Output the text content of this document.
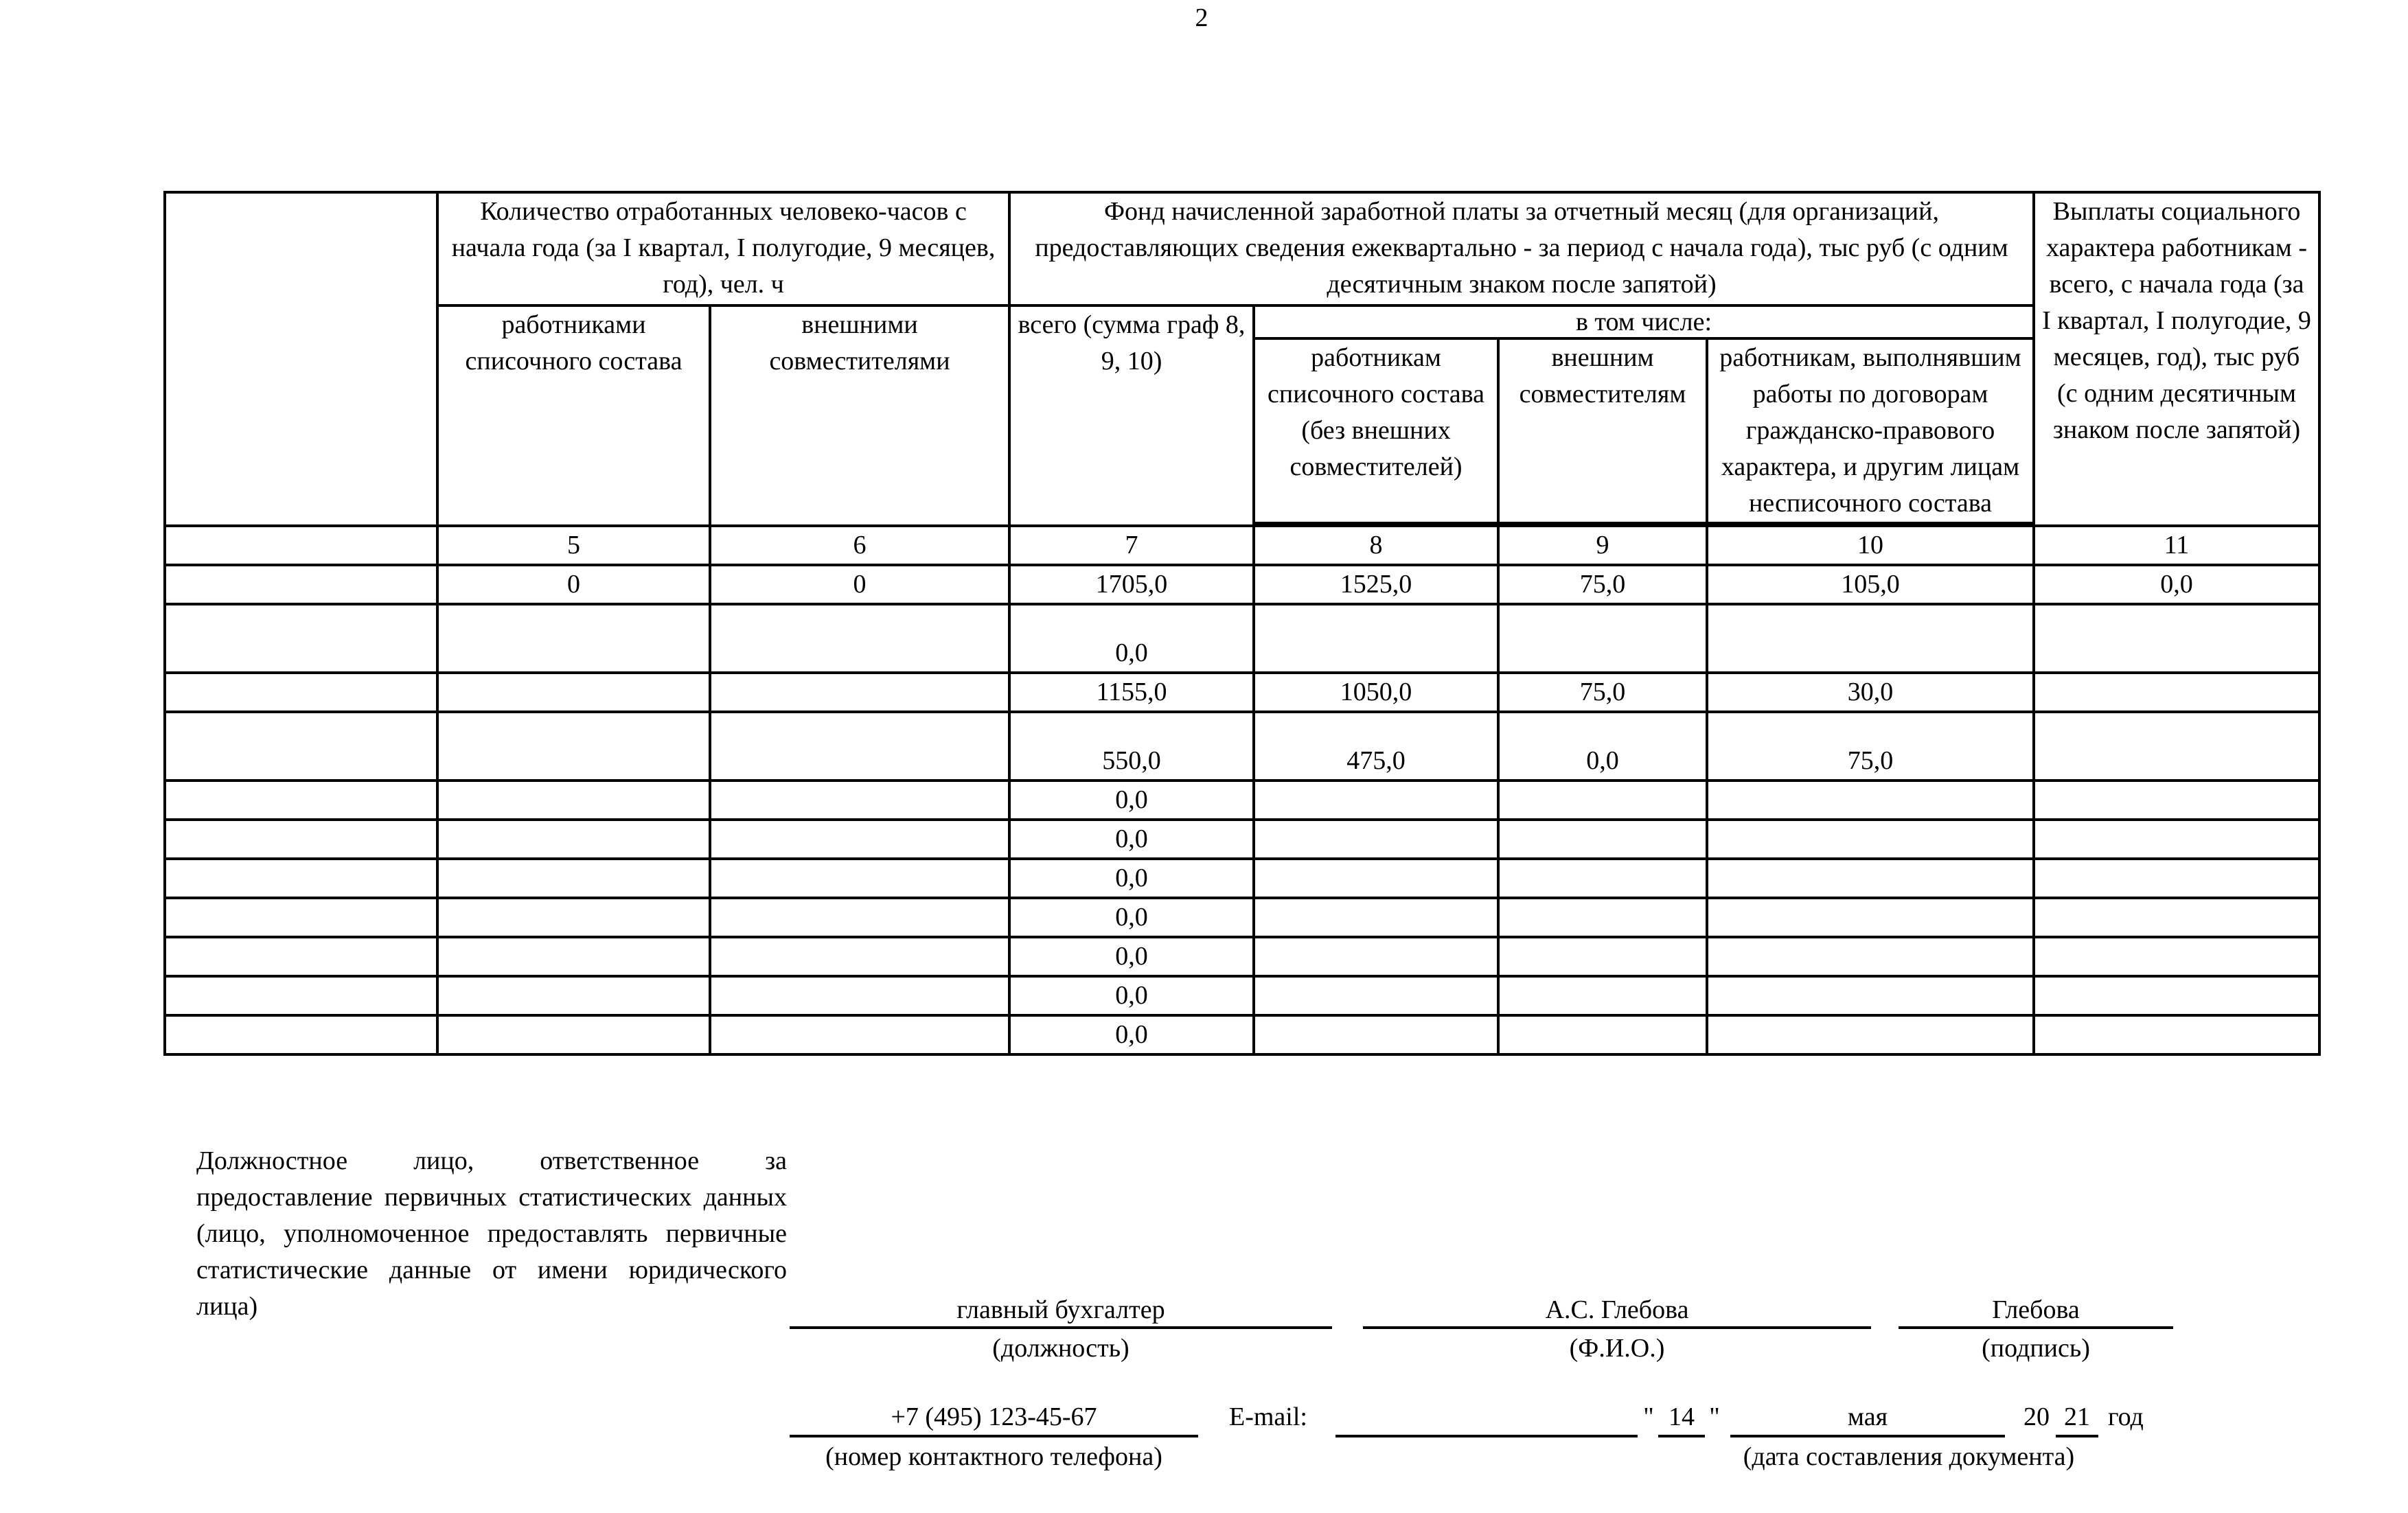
2
	Количество отработанных человеко-часов с начала года (за I квартал, I полугодие, 9 месяцев, год), чел. ч		Фонд начисленной заработной платы за отчетный месяц (для организаций, предоставляющих сведения ежеквартально - за период с начала года), тыс руб (с одним десятичным знаком после запятой)				Выплаты социального характера работникам - всего, с начала года (за I квартал, I полугодие, 9 месяцев, год), тыс руб (с одним десятичным знаком после запятой)
	работниками списочного состава	внешними совместителями	всего (сумма граф 8, 9, 10)	в том числе:			
				работникам списочного состава (без внешних совместителей)	внешним совместителям	работникам, выполнявшим работы по договорам гражданско-правового характера, и другим лицам несписочного состава	

	5	6	7	8	9	10	11
	0	0	1705,0	1525,0	75,0	105,0	0,0
			0,0				
			1155,0	1050,0	75,0	30,0	
			550,0	475,0	0,0	75,0	
			0,0				
			0,0				
			0,0				
			0,0				
			0,0				
			0,0				
			0,0				
Должностное лицо, ответственное за предоставление первичных статистических данных (лицо, уполномоченное предоставлять первичные статистические данные от имени юридического лица)	главный бухгалтер
(должность)
А.С. Глебова
(Ф.И.О.)
Глебова
(подпись)
+7 (495) 123-45-67
(номер контактного телефона)
E-mail:	" 14 "	мая	20 21 год
(дата составления документа)
